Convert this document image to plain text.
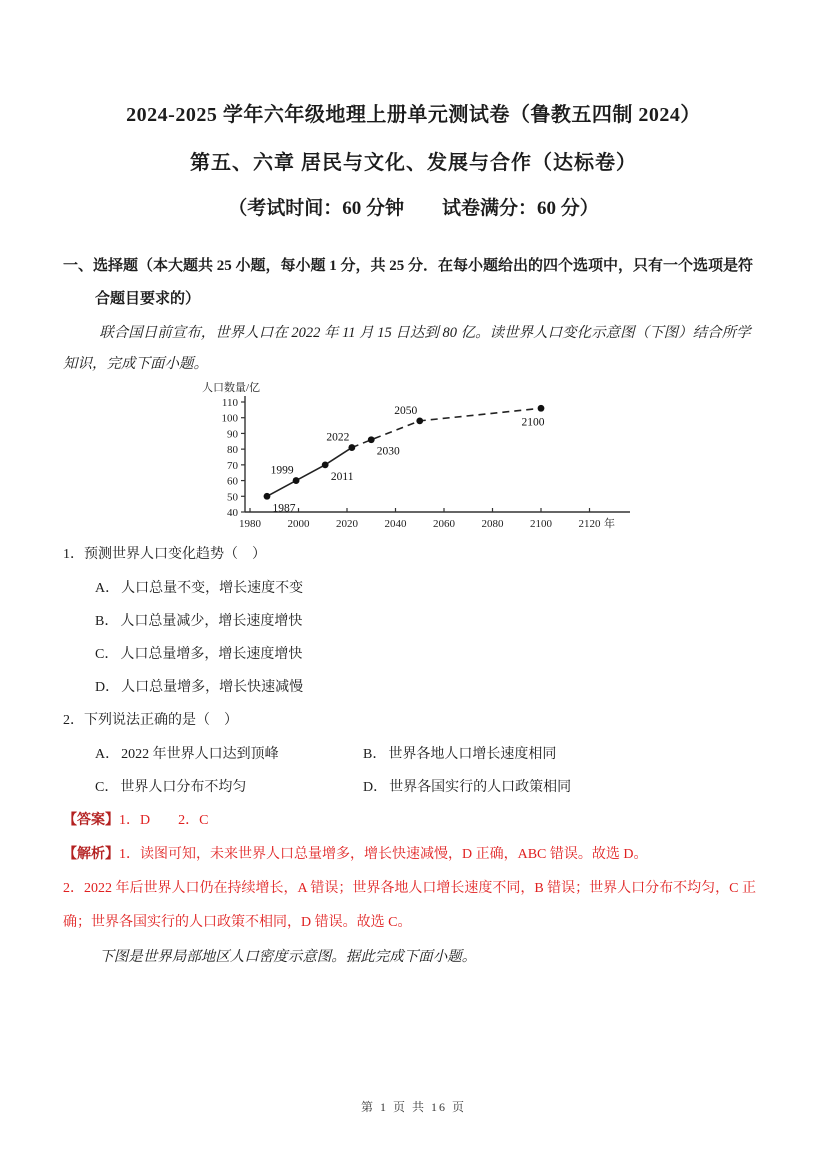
2024-2025 学年六年级地理上册单元测试卷（鲁教五四制 2024）
第五、六章 居民与文化、发展与合作（达标卷）
（考试时间：60 分钟　　试卷满分：60 分）

一、选择题（本大题共 25 小题，每小题 1 分，共 25 分．在每小题给出的四个选项中，只有一个选项是符合题目要求的）

联合国日前宣布，世界人口在 2022 年 11 月 15 日达到 80 亿。读世界人口变化示意图（下图）结合所学知识，完成下面小题。

40
50
60
70
80
90
100
110
1980 2000 2020 2040 2060 2080 2100 2120 年
人口数量/亿
1987
1999
2011
2022
2030
2050
2100

1．预测世界人口变化趋势（　）

A． 人口总量不变，增长速度不变

B． 人口总量减少，增长速度增快

C． 人口总量增多，增长速度增快

D． 人口总量增多，增长快速减慢

2．下列说法正确的是（　）

A． 2022 年世界人口达到顶峰	B． 世界各地人口增长速度相同

C． 世界人口分布不均匀	D． 世界各国实行的人口政策相同

【答案】1．D　　2．C

【解析】1．读图可知，未来世界人口总量增多，增长快速减慢，D 正确，ABC 错误。故选 D。

2．2022 年后世界人口仍在持续增长，A 错误；世界各地人口增长速度不同，B 错误；世界人口分布不均匀，C 正确；世界各国实行的人口政策不相同，D 错误。故选 C。

下图是世界局部地区人口密度示意图。据此完成下面小题。

第 1 页 共 16 页
